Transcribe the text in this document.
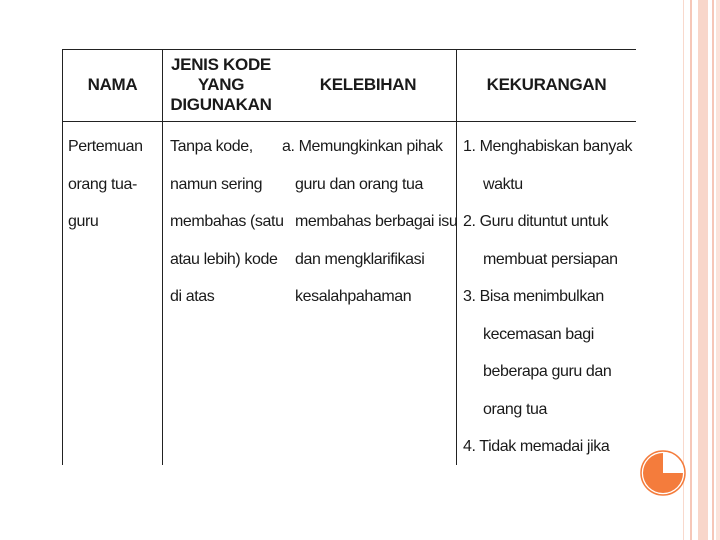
NAMA
JENIS KODE
YANG
DIGUNAKAN
KELEBIHAN	KEKURANGAN
Pertemuan
orang tua-
guru
Tanpa kode,
namun sering
membahas (satu
atau lebih) kode
di atas
a. Memungkinkan pihak
guru dan orang tua
membahas berbagai isu
dan mengklarifikasi
kesalahpahaman
1. Menghabiskan banyak
waktu
2. Guru dituntut untuk
membuat persiapan
3. Bisa menimbulkan
kecemasan bagi
beberapa guru dan
orang tua
4. Tidak memadai jika
